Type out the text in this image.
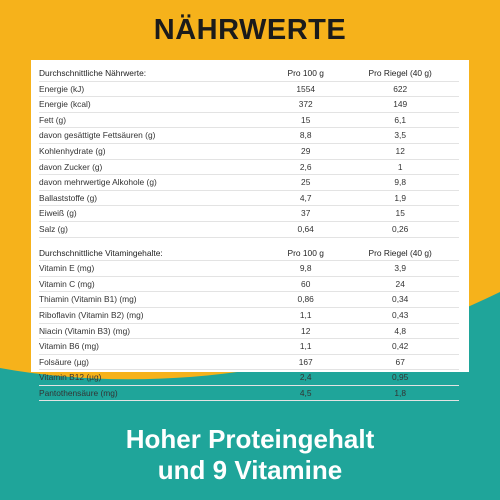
NÄHRWERTE
Durchschnittliche Nährwerte:	Pro 100 g	Pro Riegel (40 g)
Energie (kJ)	1554	622
Energie (kcal)	372	149
Fett (g)	15	6,1
davon gesättigte Fettsäuren (g)	8,8	3,5
Kohlenhydrate (g)	29	12
davon Zucker (g)	2,6	1
davon mehrwertige Alkohole (g)	25	9,8
Ballaststoffe (g)	4,7	1,9
Eiweiß (g)	37	15
Salz (g)	0,64	0,26

Durchschnittliche Vitamingehalte:	Pro 100 g	Pro Riegel (40 g)
Vitamin E (mg)	9,8	3,9
Vitamin C (mg)	60	24
Thiamin (Vitamin B1) (mg)	0,86	0,34
Riboflavin (Vitamin B2) (mg)	1,1	0,43
Niacin (Vitamin B3) (mg)	12	4,8
Vitamin B6 (mg)	1,1	0,42
Folsäure (µg)	167	67
Vitamin B12 (µg)	2,4	0,95
Pantothensäure (mg)	4,5	1,8
Hoher Proteingehalt
und 9 Vitamine
